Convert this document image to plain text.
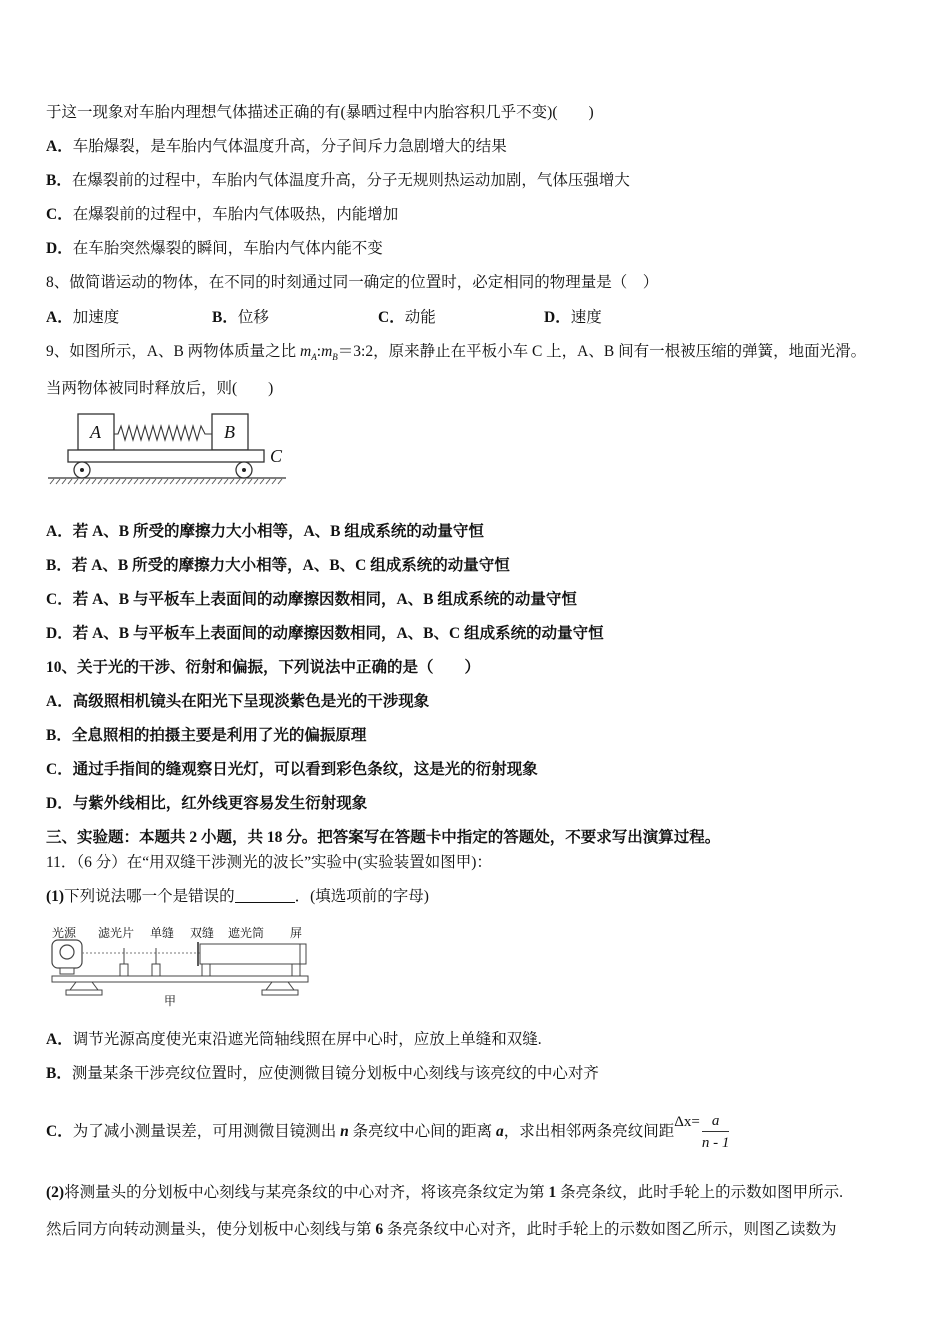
于这一现象对车胎内理想气体描述正确的有(暴晒过程中内胎容积几乎不变)(　　)
A．车胎爆裂，是车胎内气体温度升高，分子间斥力急剧增大的结果
B．在爆裂前的过程中，车胎内气体温度升高，分子无规则热运动加剧，气体压强增大
C．在爆裂前的过程中，车胎内气体吸热，内能增加
D．在车胎突然爆裂的瞬间，车胎内气体内能不变
8、做简谐运动的物体，在不同的时刻通过同一确定的位置时，必定相同的物理量是（　）
A．加速度	B．位移	C．动能	D．速度
9、如图所示，A、B 两物体质量之比 $m_A:m_B=3:2$，原来静止在平板小车 C 上，A、B 间有一根被压缩的弹簧，地面光滑。
当两物体被同时释放后，则(　　)
A	B
C
A．若 A、B 所受的摩擦力大小相等，A、B 组成系统的动量守恒
B．若 A、B 所受的摩擦力大小相等，A、B、C 组成系统的动量守恒
C．若 A、B 与平板车上表面间的动摩擦因数相同，A、B 组成系统的动量守恒
D．若 A、B 与平板车上表面间的动摩擦因数相同，A、B、C 组成系统的动量守恒
10、关于光的干涉、衍射和偏振，下列说法中正确的是（　　）
A．高级照相机镜头在阳光下呈现淡紫色是光的干涉现象
B．全息照相的拍摄主要是利用了光的偏振原理
C．通过手指间的缝观察日光灯，可以看到彩色条纹，这是光的衍射现象
D．与紫外线相比，红外线更容易发生衍射现象
三、实验题：本题共 2 小题，共 18 分。把答案写在答题卡中指定的答题处，不要求写出演算过程。
11．（6 分）在“用双缝干涉测光的波长”实验中(实验装置如图甲)：
(1)下列说法哪一个是错误的	．(填选项前的字母)
光源 滤光片 单缝 双缝 遮光筒 屏
甲
A．调节光源高度使光束沿遮光筒轴线照在屏中心时，应放上单缝和双缝.
B．测量某条干涉亮纹位置时，应使测微目镜分划板中心刻线与该亮纹的中心对齐
C．为了减小测量误差，可用测微目镜测出 n 条亮纹中心间的距离 a，求出相邻两条亮纹间距$\Delta x= \frac{a}{n - 1}$
(2)将测量头的分划板中心刻线与某亮条纹的中心对齐，将该亮条纹定为第 1 条亮条纹，此时手轮上的示数如图甲所示.
然后同方向转动测量头，使分划板中心刻线与第 6 条亮条纹中心对齐，此时手轮上的示数如图乙所示，则图乙读数为
